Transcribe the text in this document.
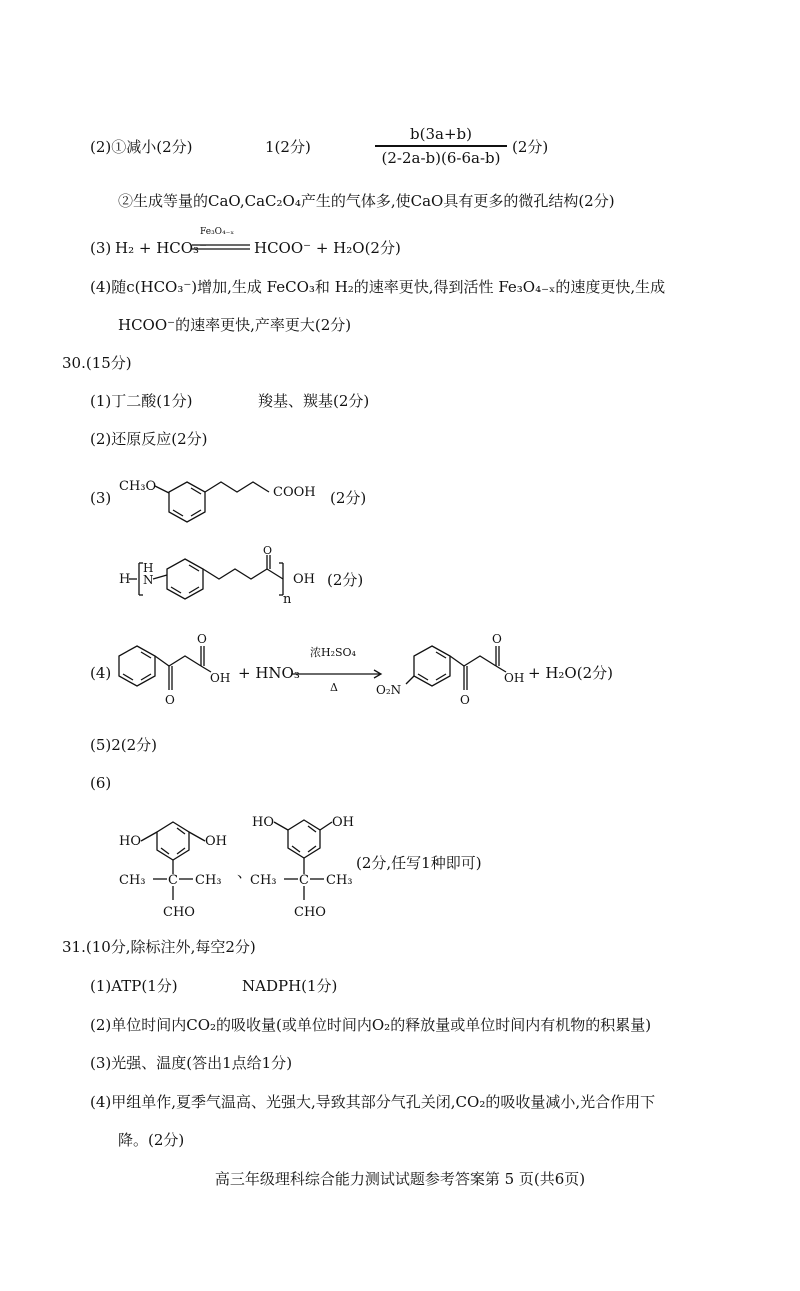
(2)①减小(2分)	1(2分)
b(3a+b)
(2-2a-b)(6-6a-b)
(2分)
②生成等量的CaO,CaC₂O₄产生的气体多,使CaO具有更多的微孔结构(2分)
(3) H₂ + HCO₃⁻
Fe₃O₄₋ₓ
HCOO⁻ + H₂O(2分)
(4)随c(HCO₃⁻)增加,生成 FeCO₃和 H₂的速率更快,得到活性 Fe₃O₄₋ₓ的速度更快,生成
HCOO⁻的速率更快,产率更大(2分)
30.(15分)
(1)丁二酸(1分)	羧基、羰基(2分)
(2)还原反应(2分)
(3)
CH₃O	COOH (2分)
H
H
N
O
n
OH (2分)
(4)
O
O
OH + HNO₃
浓H₂SO₄
Δ	O₂N
O
O
OH + H₂O(2分)
(5)2(2分)
(6)
HO	OH
CH₃ C CH₃
CHO
、
HO	OH
CH₃ C CH₃
CHO
(2分,任写1种即可)
31.(10分,除标注外,每空2分)
(1)ATP(1分)	NADPH(1分)
(2)单位时间内CO₂的吸收量(或单位时间内O₂的释放量或单位时间内有机物的积累量)
(3)光强、温度(答出1点给1分)
(4)甲组单作,夏季气温高、光强大,导致其部分气孔关闭,CO₂的吸收量减小,光合作用下
降。(2分)
高三年级理科综合能力测试试题参考答案第 5 页(共6页)
